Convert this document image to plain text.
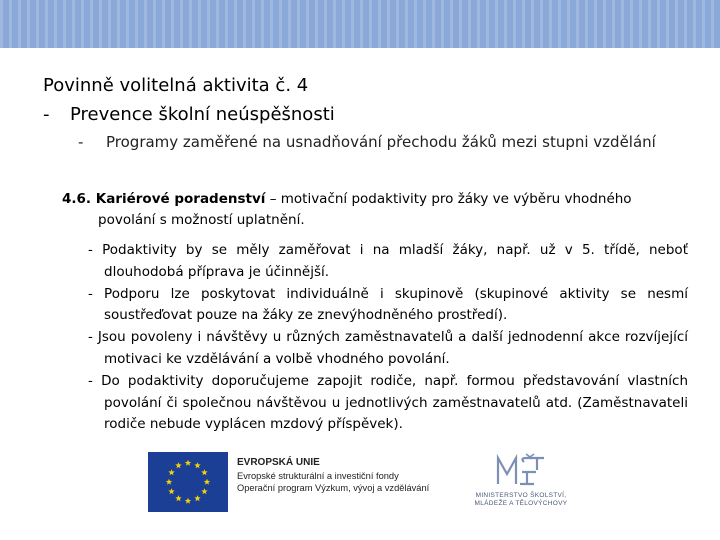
Povinně volitelná aktivita č. 4
- Prevence školní neúspěšnosti
-	Programy zaměřené na usnadňování přechodu žáků mezi stupni vzdělání
4.6. Kariérové poradenství – motivační podaktivity pro žáky ve výběru vhodného
povolání s možností uplatnění.

- Podaktivity by se měly zaměřovat i na mladší žáky, např. už v 5. třídě, neboť dlouhodobá příprava je účinnější.

- Podporu lze poskytovat individuálně i skupinově (skupinové aktivity se nesmí soustřeďovat pouze na žáky ze znevýhodněného prostředí).

- Jsou povoleny i návštěvy u různých zaměstnavatelů a další jednodenní akce rozvíjející motivaci ke vzdělávání a volbě vhodného povolání.

- Do podaktivity doporučujeme zapojit rodiče, např. formou představování vlastních povolání či společnou návštěvou u jednotlivých zaměstnavatelů atd. (Zaměstnavateli rodiče nebude vyplácen mzdový příspěvek).

EVROPSKÁ UNIE
Evropské strukturální a investiční fondy
Operační program Výzkum, vývoj a vzdělávání
MINISTERSTVO ŠKOLSTVÍ,
MLÁDEŽE A TĚLOVÝCHOVY
